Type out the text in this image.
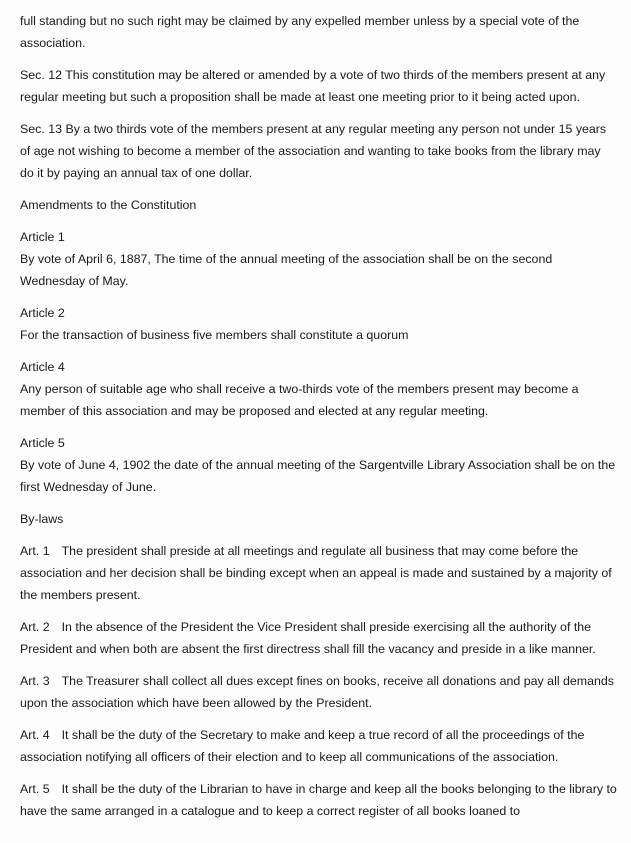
full standing but no such right may be claimed by any expelled member unless by a special vote of the association.

Sec. 12 This constitution may be altered or amended by a vote of two thirds of the members present at any regular meeting but such a proposition shall be made at least one meeting prior to it being acted upon.

Sec. 13 By a two thirds vote of the members present at any regular meeting any person not under 15 years of age not wishing to become a member of the association and wanting to take books from the library may do it by paying an annual tax of one dollar.

Amendments to the Constitution

Article 1
By vote of April 6, 1887, The time of the annual meeting of the association shall be on the second Wednesday of May.
Article 2
For the transaction of business five members shall constitute a quorum
Article 4
Any person of suitable age who shall receive a two-thirds vote of the members present may become a member of this association and may be proposed and elected at any regular meeting.
Article 5
By vote of June 4, 1902 the date of the annual meeting of the Sargentville Library Association shall be on the first Wednesday of June.

By-laws

Art. 1 The president shall preside at all meetings and regulate all business that may come before the association and her decision shall be binding except when an appeal is made and sustained by a majority of the members present.

Art. 2 In the absence of the President the Vice President shall preside exercising all the authority of the President and when both are absent the first directress shall fill the vacancy and preside in a like manner.

Art. 3 The Treasurer shall collect all dues except fines on books, receive all donations and pay all demands upon the association which have been allowed by the President.

Art. 4 It shall be the duty of the Secretary to make and keep a true record of all the proceedings of the association notifying all officers of their election and to keep all communications of the association.

Art. 5 It shall be the duty of the Librarian to have in charge and keep all the books belonging to the library to have the same arranged in a catalogue and to keep a correct register of all books loaned to
